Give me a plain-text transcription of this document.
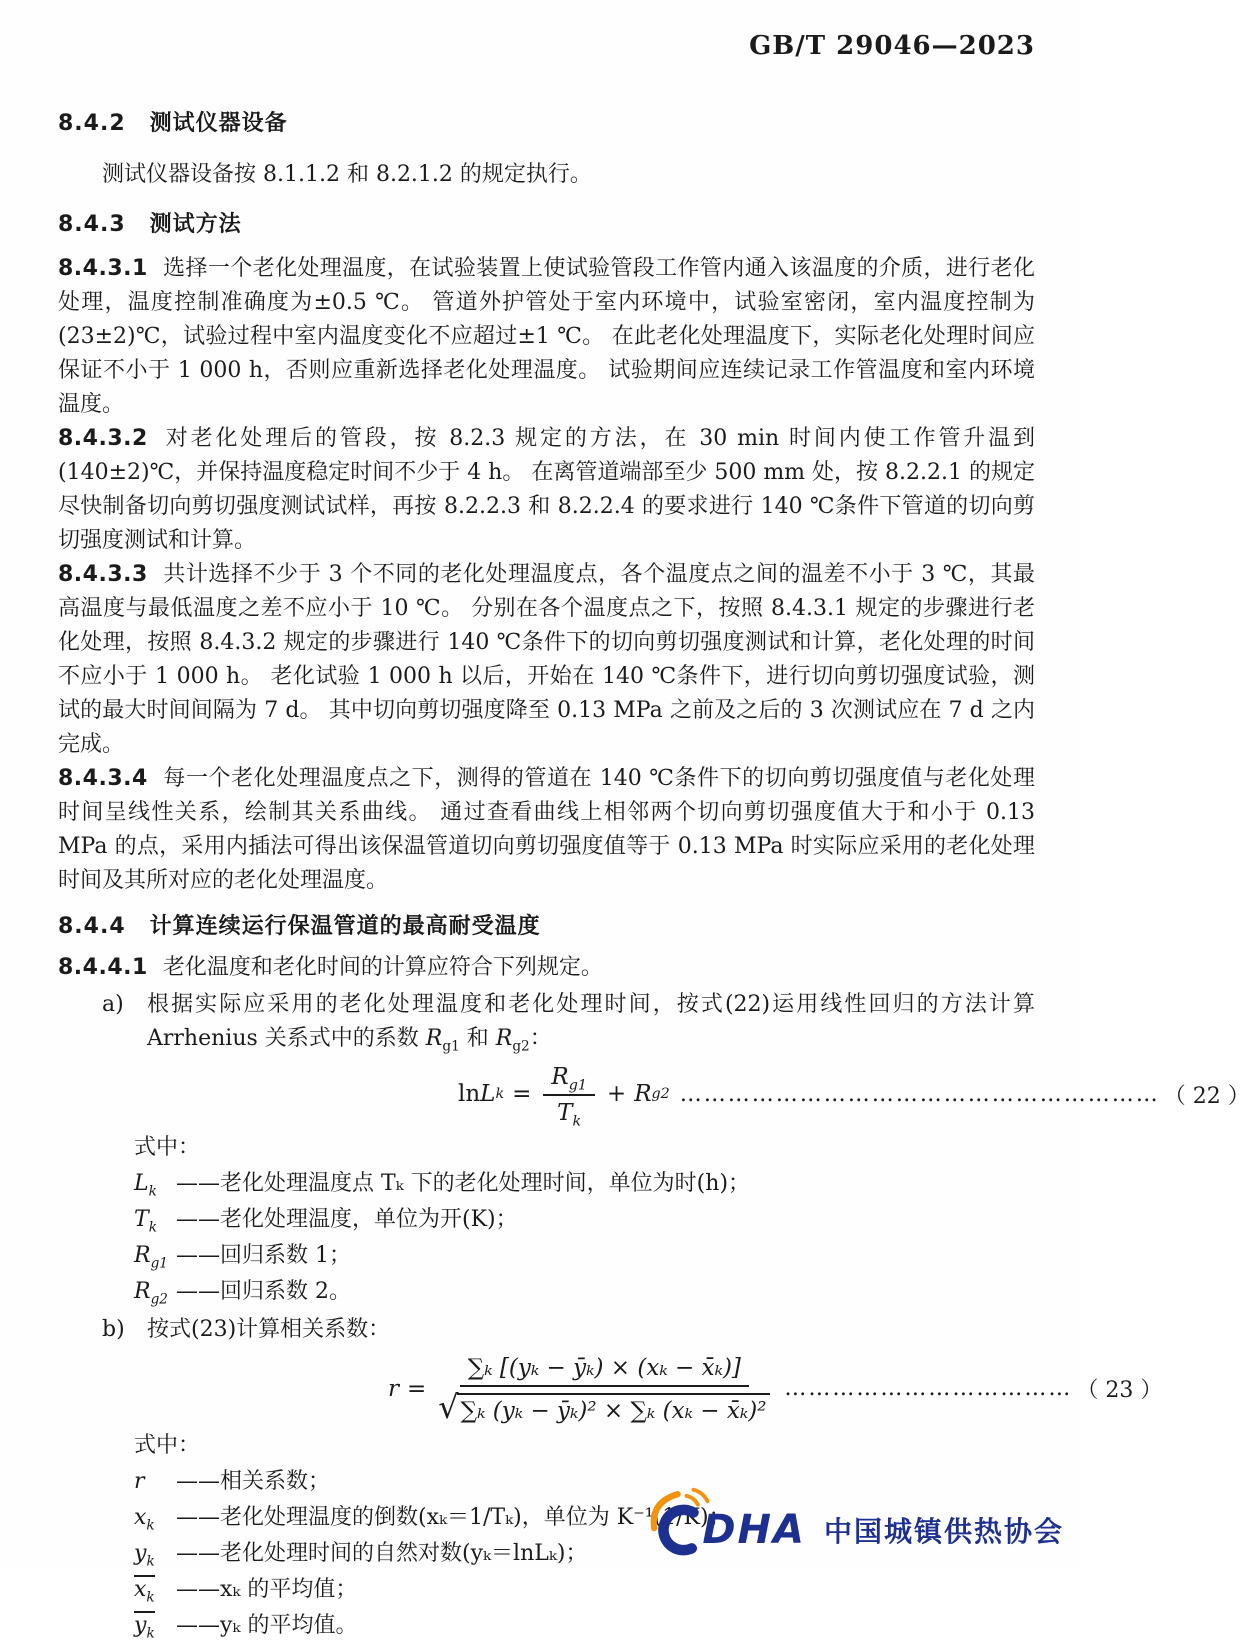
GB/T 29046—2023
8.4.2 测试仪器设备

测试仪器设备按 8.1.1.2 和 8.2.1.2 的规定执行。

8.4.3 测试方法

8.4.3.1 选择一个老化处理温度，在试验装置上使试验管段工作管内通入该温度的介质，进行老化处理，温度控制准确度为±0.5 ℃。 管道外护管处于室内环境中，试验室密闭，室内温度控制为(23±2)℃，试验过程中室内温度变化不应超过±1 ℃。 在此老化处理温度下，实际老化处理时间应保证不小于 1 000 h，否则应重新选择老化处理温度。 试验期间应连续记录工作管温度和室内环境温度。

8.4.3.2 对老化处理后的管段，按 8.2.3 规定的方法，在 30 min 时间内使工作管升温到(140±2)℃，并保持温度稳定时间不少于 4 h。 在离管道端部至少 500 mm 处，按 8.2.2.1 的规定尽快制备切向剪切强度测试试样，再按 8.2.2.3 和 8.2.2.4 的要求进行 140 ℃条件下管道的切向剪切强度测试和计算。

8.4.3.3 共计选择不少于 3 个不同的老化处理温度点，各个温度点之间的温差不小于 3 ℃，其最高温度与最低温度之差不应小于 10 ℃。 分别在各个温度点之下，按照 8.4.3.1 规定的步骤进行老化处理，按照 8.4.3.2 规定的步骤进行 140 ℃条件下的切向剪切强度测试和计算，老化处理的时间不应小于 1 000 h。 老化试验 1 000 h 以后，开始在 140 ℃条件下，进行切向剪切强度试验，测试的最大时间间隔为 7 d。 其中切向剪切强度降至 0.13 MPa 之前及之后的 3 次测试应在 7 d 之内完成。

8.4.3.4 每一个老化处理温度点之下，测得的管道在 140 ℃条件下的切向剪切强度值与老化处理时间呈线性关系，绘制其关系曲线。 通过查看曲线上相邻两个切向剪切强度值大于和小于 0.13 MPa 的点，采用内插法可得出该保温管道切向剪切强度值等于 0.13 MPa 时实际应采用的老化处理时间及其所对应的老化处理温度。

8.4.4 计算连续运行保温管道的最高耐受温度

8.4.4.1 老化温度和老化时间的计算应符合下列规定。

a) 根据实际应采用的老化处理温度和老化处理时间，按式(22)运用线性回归的方法计算 Arrhenius 关系式中的系数 $R_{g1}$ 和 $R_{g2}$：
ln L $k = \frac{R_{g1}}{T_k} + R$ g2 …………………………………………………… （ 22 ）
式中：
$L_k$ ——老化处理温度点 Tₖ 下的老化处理时间，单位为时(h)；
$T_k$ ——老化处理温度，单位为开(K)；
$R_{g1}$ ——回归系数 1；
$R_{g2}$ ——回归系数 2。
b) 按式(23)计算相关系数：
$r = \frac{\text{∑ₖ [(yₖ − ȳₖ) × (xₖ − x̄ₖ)]}}{\text{√∑ₖ (yₖ − ȳₖ)² × ∑ₖ (xₖ − x̄ₖ)²}}$ ……………………………… （ 23 ）
式中：
r	——相关系数；
$x_k$ ——老化处理温度的倒数(xₖ＝1/Tₖ)，单位为 K⁻¹(1/K)；
$y_k$ ——老化处理时间的自然对数(yₖ＝lnLₖ)；
$x_k$ ——xₖ 的平均值；
$y_k$ ——yₖ 的平均值。
DHA 中国城镇供热协会
